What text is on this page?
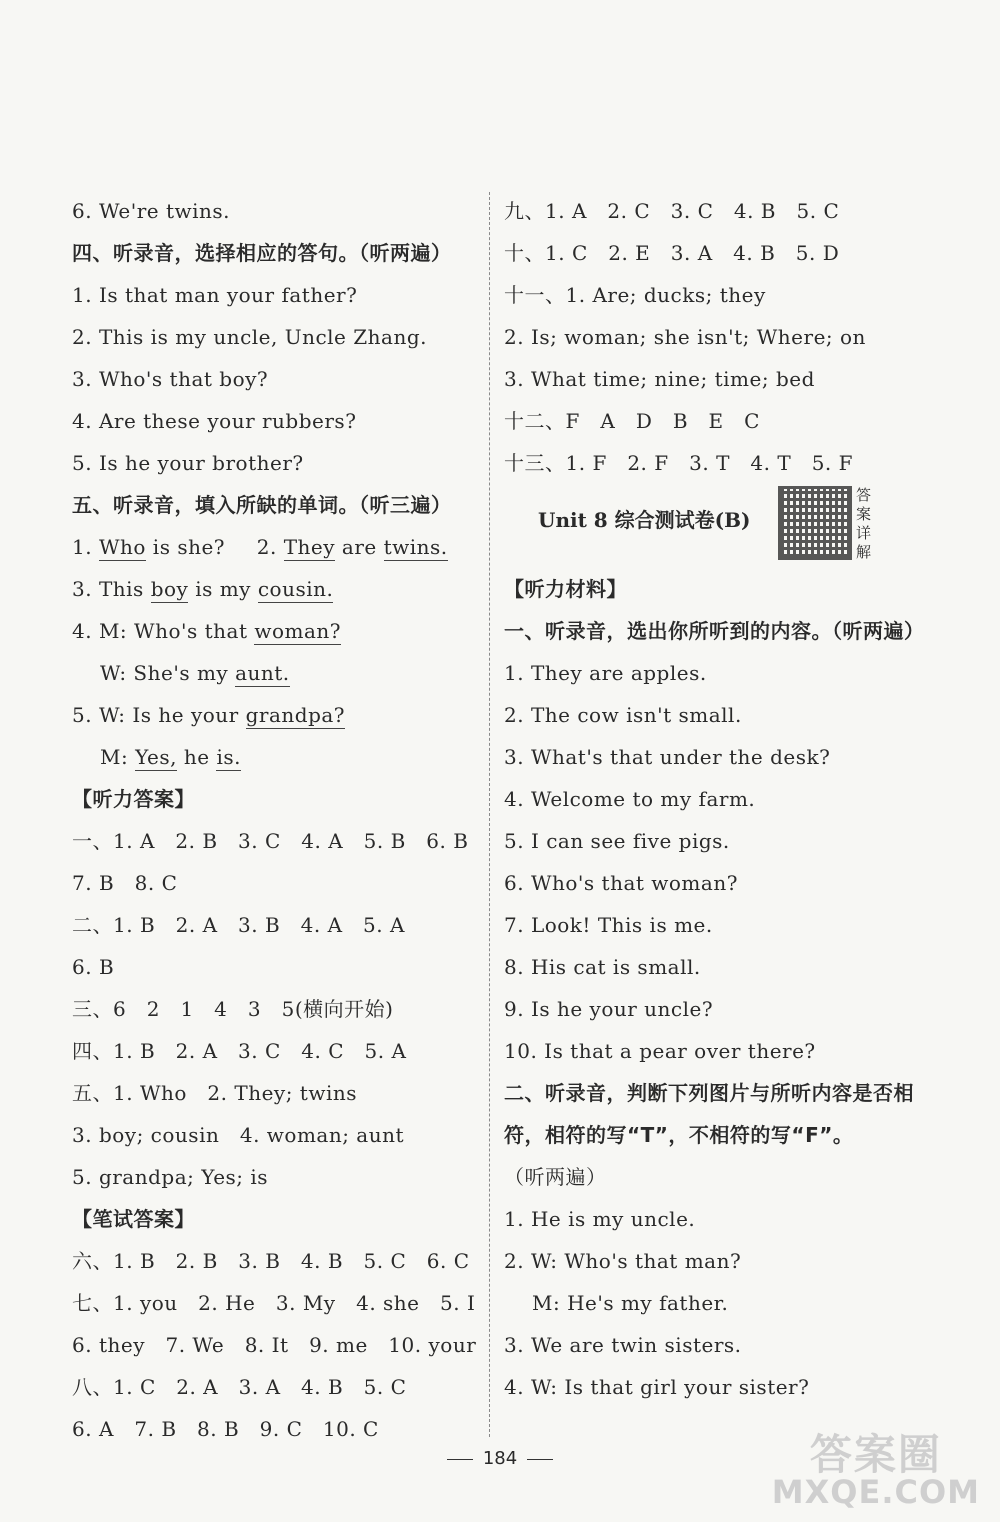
6. We're twins.
四、听录音，选择相应的答句。（听两遍）
1. Is that man your father?
2. This is my uncle, Uncle Zhang.
3. Who's that boy?
4. Are these your rubbers?
5. Is he your brother?
五、听录音，填入所缺的单词。（听三遍）
1. Who is she? 2. They are twins.
3. This boy is my cousin.
4. M: Who's that woman?
W: She's my aunt.
5. W: Is he your grandpa?
M: Yes, he is.
【听力答案】
一、1. A　2. B　3. C　4. A　5. B　6. B
7. B　8. C
二、1. B　2. A　3. B　4. A　5. A
6. B
三、6　2　1　4　3　5(横向开始)
四、1. B　2. A　3. C　4. C　5. A
五、1. Who　2. They; twins
3. boy; cousin　4. woman; aunt
5. grandpa; Yes; is
【笔试答案】
六、1. B　2. B　3. B　4. B　5. C　6. C
七、1. you　2. He　3. My　4. she　5. I
6. they　7. We　8. It　9. me　10. your
八、1. C　2. A　3. A　4. B　5. C
6. A　7. B　8. B　9. C　10. C
九、1. A　2. C　3. C　4. B　5. C
十、1. C　2. E　3. A　4. B　5. D
十一、1. Are; ducks; they
2. Is; woman; she isn't; Where; on
3. What time; nine; time; bed
十二、F　A　D　B　E　C
十三、1. F　2. F　3. T　4. T　5. F
Unit 8 综合测试卷(B)
答案详解
【听力材料】
一、听录音，选出你所听到的内容。（听两遍）
1. They are apples.
2. The cow isn't small.
3. What's that under the desk?
4. Welcome to my farm.
5. I can see five pigs.
6. Who's that woman?
7. Look! This is me.
8. His cat is small.
9. Is he your uncle?
10. Is that a pear over there?
二、听录音，判断下列图片与所听内容是否相符，相符的写“T”，不相符的写“F”。
（听两遍）
1. He is my uncle.
2. W: Who's that man?
M: He's my father.
3. We are twin sisters.
4. W: Is that girl your sister?
184	答案圈
MXQE.COM
